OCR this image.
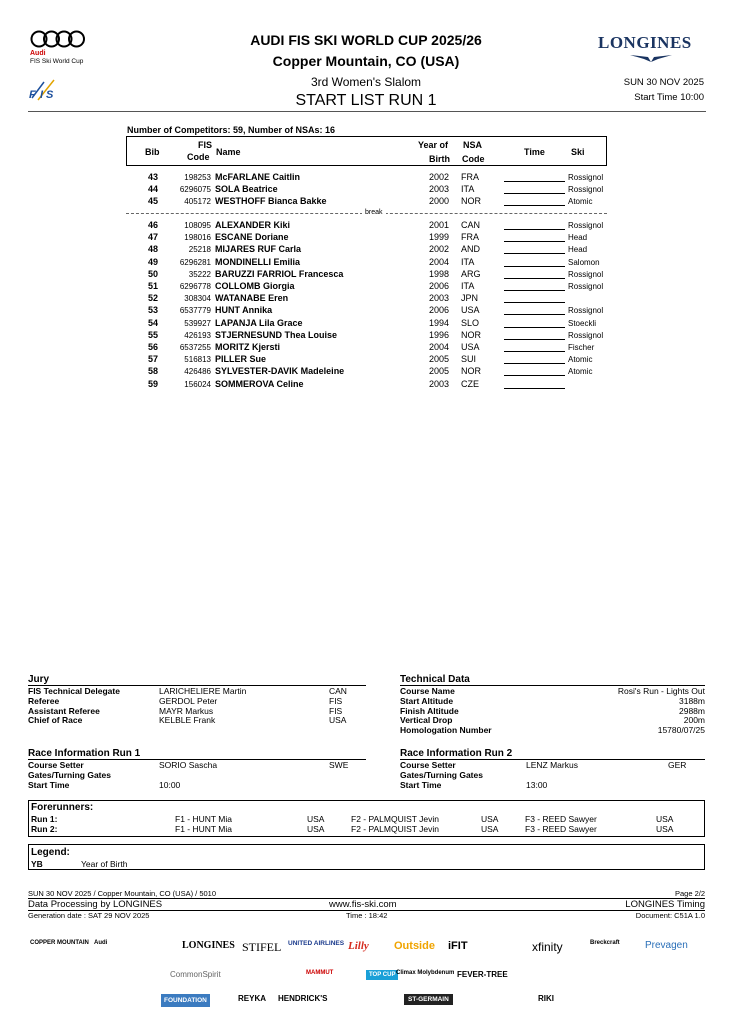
Audi
FIS Ski World Cup
F I S
AUDI FIS SKI WORLD CUP 2025/26
Copper Mountain, CO (USA)
3rd Women's Slalom
START LIST RUN 1
LONGINES
SUN 30 NOV 2025
Start Time 10:00
Number of Competitors: 59, Number of NSAs: 16
Bib
FIS
Code Name
Year of
Birth
NSA
Code
Time	Ski
43	198253 McFARLANE Caitlin	2002 FRA	Rossignol
44	6296075 SOLA Beatrice	2003 ITA	Rossignol
45	405172 WESTHOFF Bianca Bakke	2000 NOR	Atomic
46	108095 ALEXANDER Kiki	2001 CAN	Rossignol
47	198016 ESCANE Doriane	1999 FRA	Head
48	25218 MIJARES RUF Carla	2002 AND	Head
49	6296281 MONDINELLI Emilia	2004 ITA	Salomon
50	35222 BARUZZI FARRIOL Francesca	1998 ARG	Rossignol
51	6296778 COLLOMB Giorgia	2006 ITA	Rossignol
52	308304 WATANABE Eren	2003 JPN
53	6537779 HUNT Annika	2006 USA	Rossignol
54	539927 LAPANJA Lila Grace	1994 SLO	Stoeckli
55	426193 STJERNESUND Thea Louise	1996 NOR	Rossignol
56	6537255 MORITZ Kjersti	2004 USA	Fischer
57	516813 PILLER Sue	2005 SUI	Atomic
58	426486 SYLVESTER-DAVIK Madeleine	2005 NOR	Atomic
59	156024 SOMMEROVA Celine	2003 CZE
break
Jury
FIS Technical Delegate	LARICHELIERE Martin	CAN
Referee	GERDOL Peter	FIS
Assistant Referee	MAYR Markus	FIS
Chief of Race	KELBLE Frank	USA
Technical Data
Course Name	Rosi's Run - Lights Out
Start Altitude	3188m
Finish Altitude	2988m
Vertical Drop	200m
Homologation Number	15780/07/25
Race Information Run 1
Course Setter	SORIO Sascha	SWE
Gates/Turning Gates
Start Time	10:00
Race Information Run 2
Course Setter	LENZ Markus	GER
Gates/Turning Gates
Start Time	13:00
Forerunners:
Run 1:	F1 - HUNT Mia	USA	F2 - PALMQUIST Jevin	USA	F3 - REED Sawyer	USA
Run 2:	F1 - HUNT Mia	USA	F2 - PALMQUIST Jevin	USA	F3 - REED Sawyer	USA
Legend:
YB	Year of Birth
SUN 30 NOV 2025 / Copper Mountain, CO (USA) / 5010	Page 2/2
Data Processing by LONGINES	www.fis-ski.com	LONGINES Timing
Generation date : SAT 29 NOV 2025	Time : 18:42	Document: C51A 1.0
COPPER MOUNTAIN Audi	LONGINES STIFEL UNITED AIRLINES Lilly Outside iFIT	xfinity	Breckcraft	Prevagen
CommonSpirit	MAMMUT	TOP CUP Climax Molybdenum FEVER-TREE
FOUNDATION	REYKA HENDRICK'S	ST-GERMAIN	RIKI
